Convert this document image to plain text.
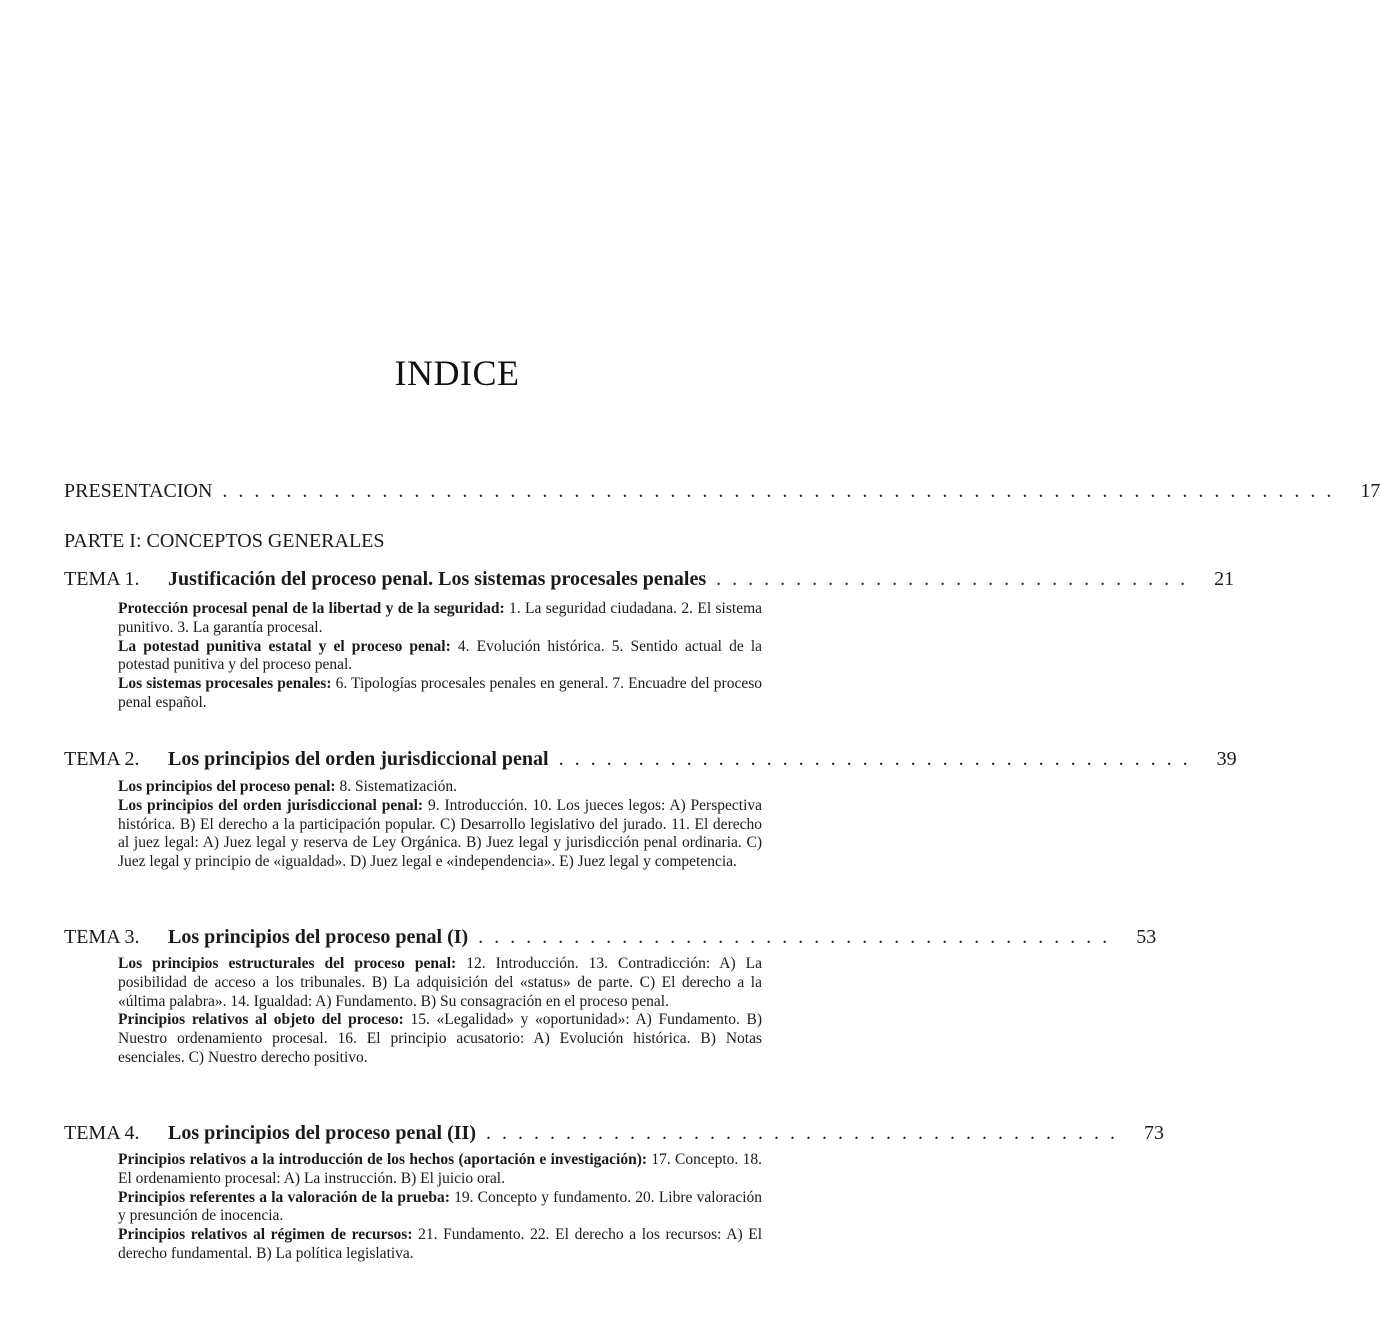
INDICE
PRESENTACION . . . . . . . . . . . . . . . . . . . . . . . . . . . . . . . . . . . . . . . . . . . . . . . . . . . . . . . . . . . . . . . . . . . . . .	17
PARTE I: CONCEPTOS GENERALES
TEMA 1. Justificación del proceso penal. Los sistemas procesales penales . . . . . . . . . . . . . . . . . . . . . . . . . . . . . .	21

Protección procesal penal de la libertad y de la seguridad: 1. La seguridad ciudadana. 2. El sistema punitivo. 3. La garantía procesal.

La potestad punitiva estatal y el proceso penal: 4. Evolución histórica. 5. Sentido actual de la potestad punitiva y del proceso penal.

Los sistemas procesales penales: 6. Tipologías procesales penales en general. 7. Encuadre del proceso penal español.

TEMA 2. Los principios del orden jurisdiccional penal . . . . . . . . . . . . . . . . . . . . . . . . . . . . . . . . . . . . . . . .	39

Los principios del proceso penal: 8. Sistematización.

Los principios del orden jurisdiccional penal: 9. Introducción. 10. Los jueces legos: A) Perspectiva histórica. B) El derecho a la participación popular. C) Desarrollo legislativo del jurado. 11. El derecho al juez legal: A) Juez legal y reserva de Ley Orgánica. B) Juez legal y jurisdicción penal ordinaria. C) Juez legal y principio de «igualdad». D) Juez legal e «independencia». E) Juez legal y competencia.

TEMA 3. Los principios del proceso penal (I) . . . . . . . . . . . . . . . . . . . . . . . . . . . . . . . . . . . . . . . .	53

Los principios estructurales del proceso penal: 12. Introducción. 13. Contradicción: A) La posibilidad de acceso a los tribunales. B) La adquisición del «status» de parte. C) El derecho a la «última palabra». 14. Igualdad: A) Fundamento. B) Su consagración en el proceso penal.

Principios relativos al objeto del proceso: 15. «Legalidad» y «oportunidad»: A) Fundamento. B) Nuestro ordenamiento procesal. 16. El principio acusatorio: A) Evolución histórica. B) Notas esenciales. C) Nuestro derecho positivo.

TEMA 4. Los principios del proceso penal (II) . . . . . . . . . . . . . . . . . . . . . . . . . . . . . . . . . . . . . . . .	73

Principios relativos a la introducción de los hechos (aportación e investigación): 17. Concepto. 18. El ordenamiento procesal: A) La instrucción. B) El juicio oral.

Principios referentes a la valoración de la prueba: 19. Concepto y fundamento. 20. Libre valoración y presunción de inocencia.

Principios relativos al régimen de recursos: 21. Fundamento. 22. El derecho a los recursos: A) El derecho fundamental. B) La política legislativa.
